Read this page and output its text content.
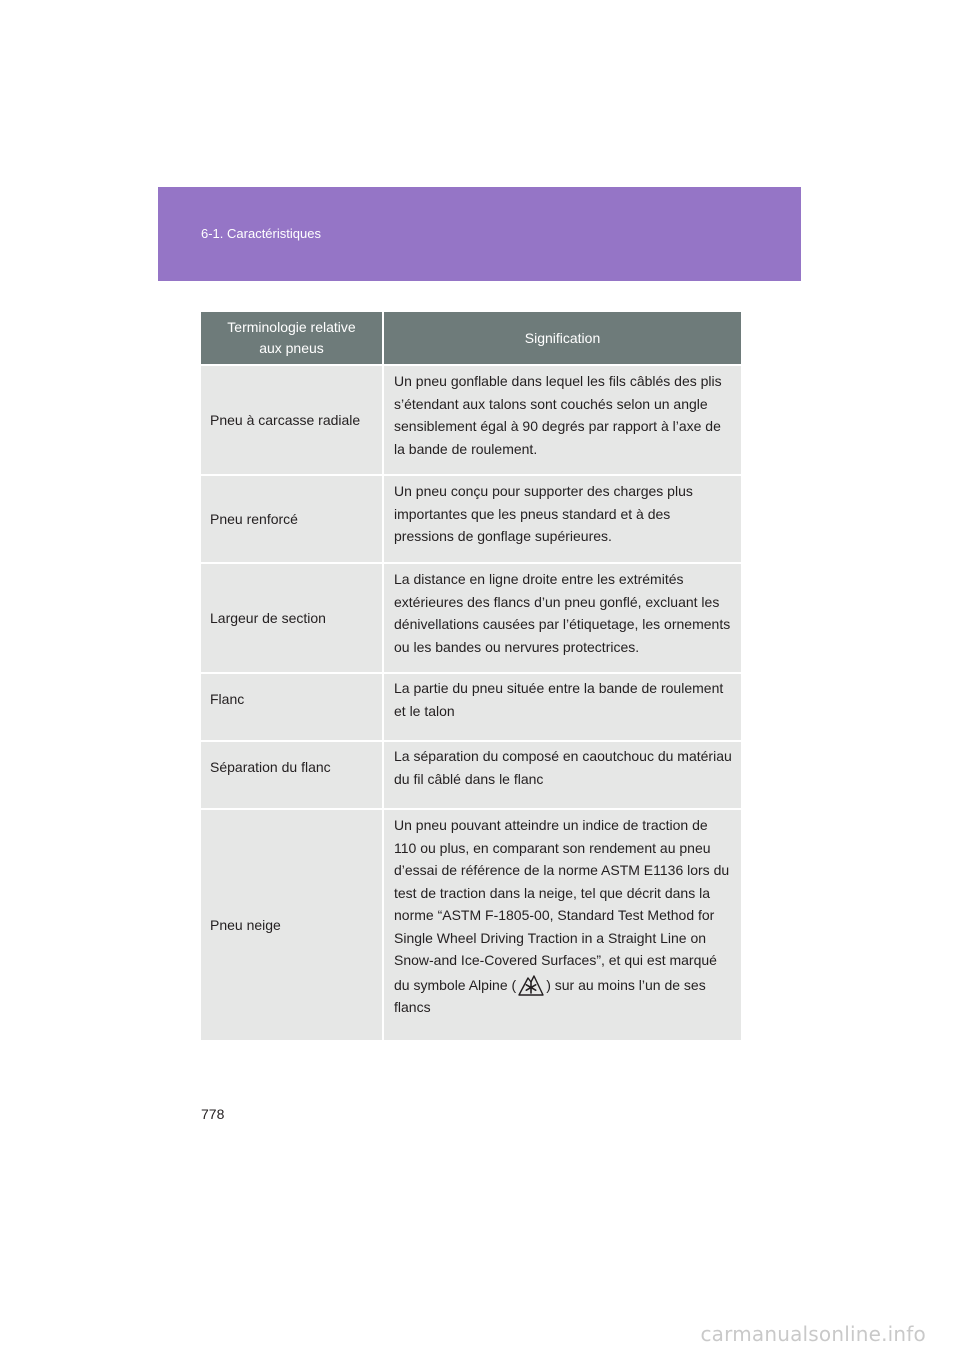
6-1. Caractéristiques
Terminologie relative aux pneus	Signification
Pneu à carcasse radiale	Un pneu gonflable dans lequel les fils câblés des plis s’étendant aux talons sont couchés selon un angle sensiblement égal à 90 degrés par rapport à l’axe de la bande de roulement.
Pneu renforcé	Un pneu conçu pour supporter des charges plus importantes que les pneus standard et à des pressions de gonflage supérieures.
Largeur de section	La distance en ligne droite entre les extrémités extérieures des flancs d’un pneu gonflé, excluant les dénivellations causées par l’étiquetage, les ornements ou les bandes ou nervures protectrices.
Flanc	La partie du pneu située entre la bande de roulement et le talon
Séparation du flanc	La séparation du composé en caoutchouc du matériau du fil câblé dans le flanc
Pneu neige	Un pneu pouvant atteindre un indice de traction de 110 ou plus, en comparant son rendement au pneu d’essai de référence de la norme ASTM E1136 lors du test de traction dans la neige, tel que décrit dans la norme “ASTM F-1805-00, Standard Test Method for Single Wheel Driving Traction in a Straight Line on Snow-and Ice-Covered Surfaces”, et qui est marqué du symbole Alpine ( ) sur au moins l’un de ses flancs
778
carmanualsonline.info
